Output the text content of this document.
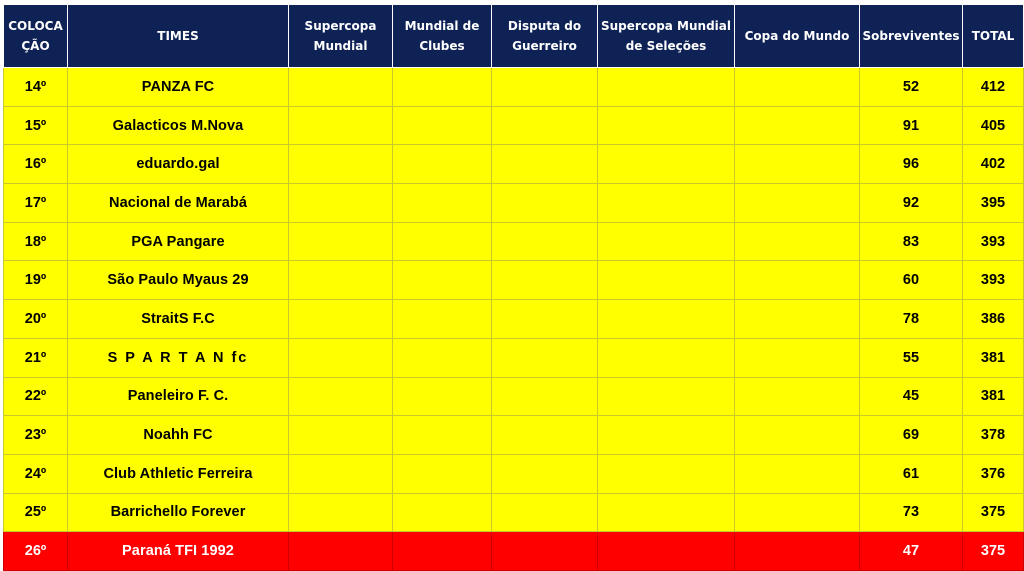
COLOCA ÇÃO	TIMES	Supercopa Mundial	Mundial de Clubes	Disputa do Guerreiro	Supercopa Mundial de Seleções	Copa do Mundo	Sobreviventes	TOTAL
14º	PANZA FC						52	412
15º	Galacticos M.Nova						91	405
16º	eduardo.gal						96	402
17º	Nacional de Marabá						92	395
18º	PGA Pangare						83	393
19º	São Paulo Myaus 29						60	393
20º	StraitS F.C						78	386
21º	S P A R T A N fc						55	381
22º	Paneleiro F. C.						45	381
23º	Noahh FC						69	378
24º	Club Athletic Ferreira						61	376
25º	Barrichello Forever						73	375
26º	Paraná TFI 1992						47	375
